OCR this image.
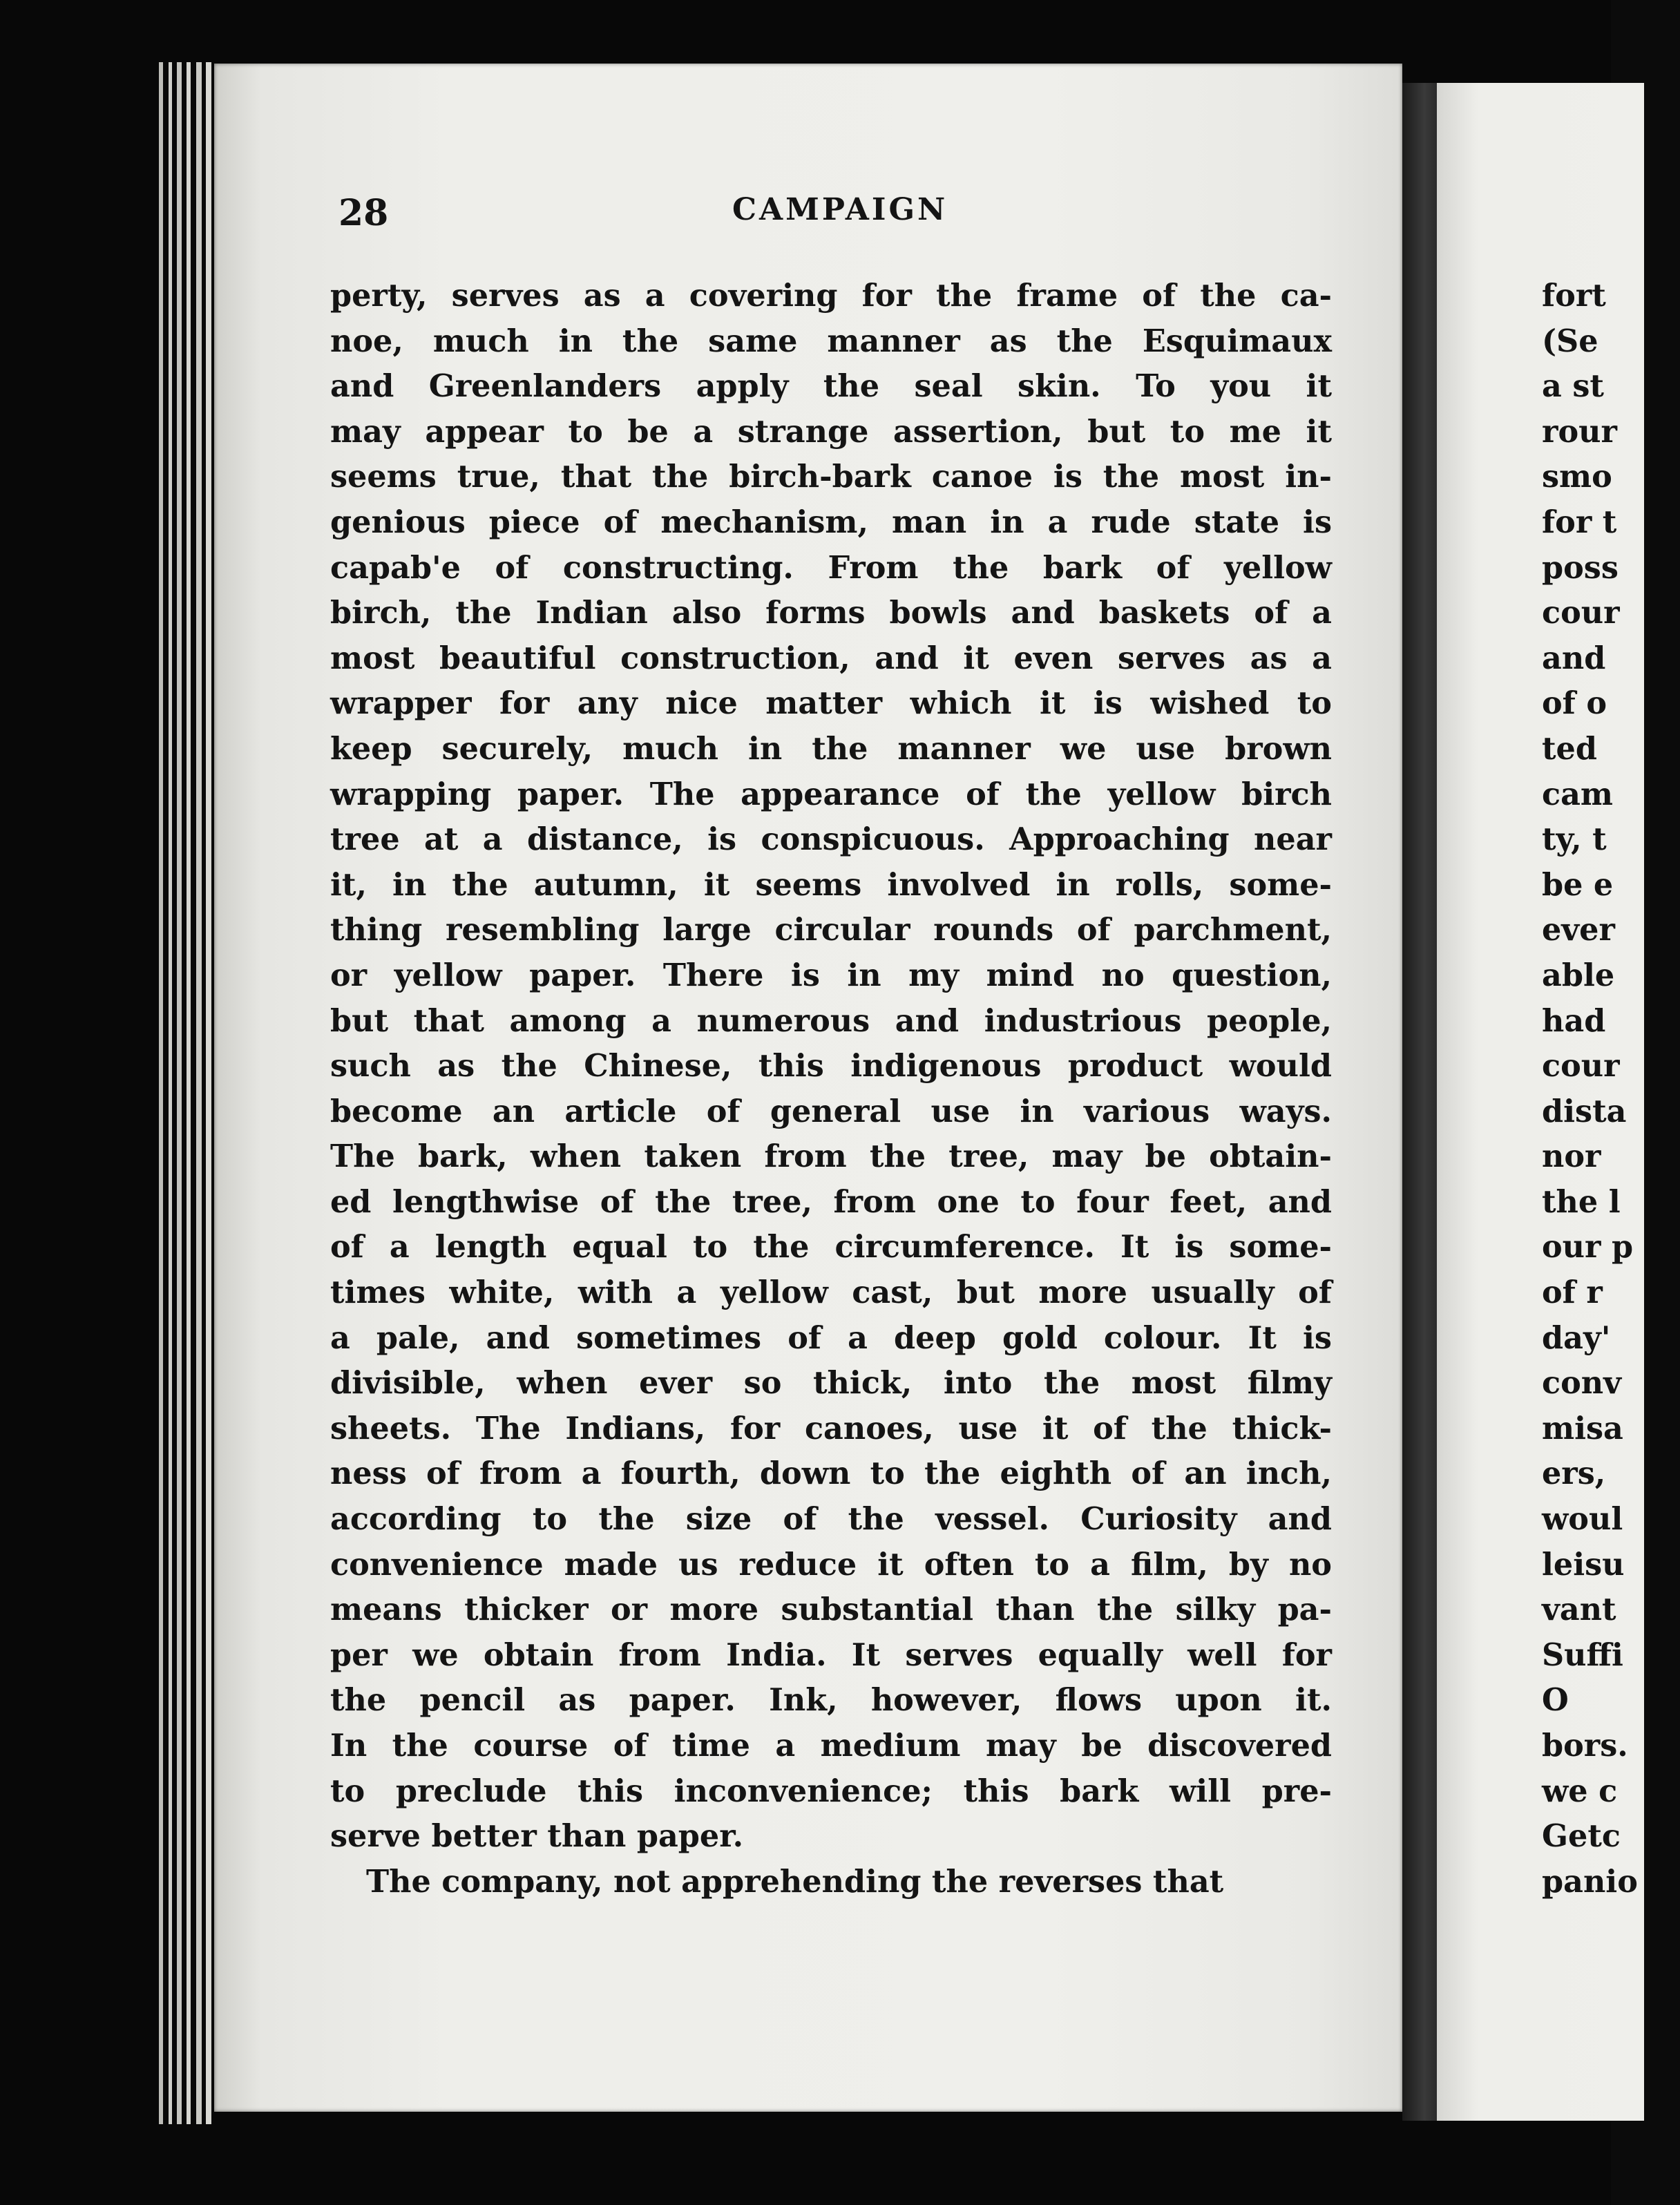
28	CAMPAIGN
perty, serves as a covering for the frame of the ca-
noe, much in the same manner as the Esquimaux
and Greenlanders apply the seal skin. To you it
may appear to be a strange assertion, but to me it
seems true, that the birch-bark canoe is the most in-
genious piece of mechanism, man in a rude state is
capab'e of constructing. From the bark of yellow
birch, the Indian also forms bowls and baskets of a
most beautiful construction, and it even serves as a
wrapper for any nice matter which it is wished to
keep securely, much in the manner we use brown
wrapping paper. The appearance of the yellow birch
tree at a distance, is conspicuous. Approaching near
it, in the autumn, it seems involved in rolls, some-
thing resembling large circular rounds of parchment,
or yellow paper. There is in my mind no question,
but that among a numerous and industrious people,
such as the Chinese, this indigenous product would
become an article of general use in various ways.
The bark, when taken from the tree, may be obtain-
ed lengthwise of the tree, from one to four feet, and
of a length equal to the circumference. It is some-
times white, with a yellow cast, but more usually of
a pale, and sometimes of a deep gold colour. It is
divisible, when ever so thick, into the most filmy
sheets. The Indians, for canoes, use it of the thick-
ness of from a fourth, down to the eighth of an inch,
according to the size of the vessel. Curiosity and
convenience made us reduce it often to a film, by no
means thicker or more substantial than the silky pa-
per we obtain from India. It serves equally well for
the pencil as paper. Ink, however, flows upon it.
In the course of time a medium may be discovered
to preclude this inconvenience; this bark will pre-
serve better than paper.
The company, not apprehending the reverses that
fort
(Se
a st
rour
smo
for t
poss
cour
and
of o
ted
cam
ty, t
be e
ever
able
had
cour
dista
nor
the l
our p
of r
day'
conv
misa
ers,
woul
leisu
vant
Suffi
O
bors.
we c
Getc
panio
